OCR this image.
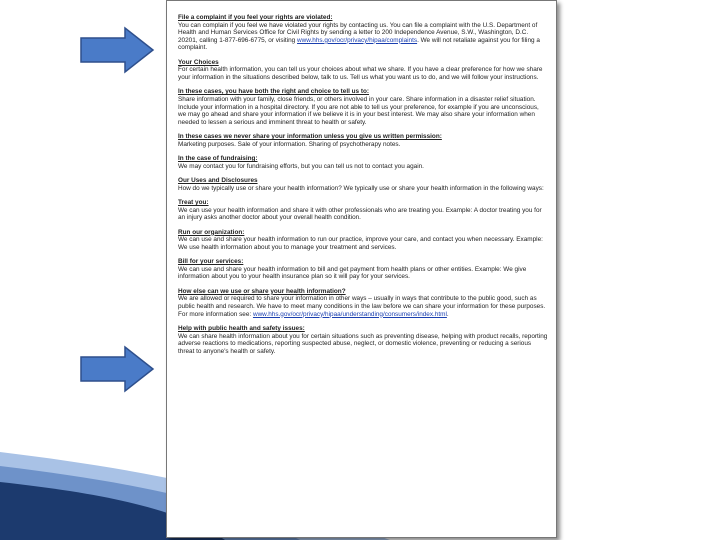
File a complaint if you feel your rights are violated:
You can complain if you feel we have violated your rights by contacting us. You can file a complaint with the U.S. Department of Health and Human Services Office for Civil Rights by sending a letter to 200 Independence Avenue, S.W., Washington, D.C. 20201, calling 1-877-696-6775, or visiting www.hhs.gov/ocr/privacy/hipaa/complaints. We will not retaliate against you for filing a complaint.
Your Choices
For certain health information, you can tell us your choices about what we share. If you have a clear preference for how we share your information in the situations described below, talk to us. Tell us what you want us to do, and we will follow your instructions.
In these cases, you have both the right and choice to tell us to:
Share information with your family, close friends, or others involved in your care. Share information in a disaster relief situation. Include your information in a hospital directory. If you are not able to tell us your preference, for example if you are unconscious, we may go ahead and share your information if we believe it is in your best interest. We may also share your information when needed to lessen a serious and imminent threat to health or safety.
In these cases we never share your information unless you give us written permission:
Marketing purposes. Sale of your information. Sharing of psychotherapy notes.
In the case of fundraising:
We may contact you for fundraising efforts, but you can tell us not to contact you again.
Our Uses and Disclosures
How do we typically use or share your health information? We typically use or share your health information in the following ways:
Treat you:
We can use your health information and share it with other professionals who are treating you. Example: A doctor treating you for an injury asks another doctor about your overall health condition.
Run our organization:
We can use and share your health information to run our practice, improve your care, and contact you when necessary. Example: We use health information about you to manage your treatment and services.
Bill for your services:
We can use and share your health information to bill and get payment from health plans or other entities. Example: We give information about you to your health insurance plan so it will pay for your services.
How else can we use or share your health information?
We are allowed or required to share your information in other ways – usually in ways that contribute to the public good, such as public health and research. We have to meet many conditions in the law before we can share your information for these purposes. For more information see: www.hhs.gov/ocr/privacy/hipaa/understanding/consumers/index.html.
Help with public health and safety issues:
We can share health information about you for certain situations such as preventing disease, helping with product recalls, reporting adverse reactions to medications, reporting suspected abuse, neglect, or domestic violence, preventing or reducing a serious threat to anyone's health or safety.
